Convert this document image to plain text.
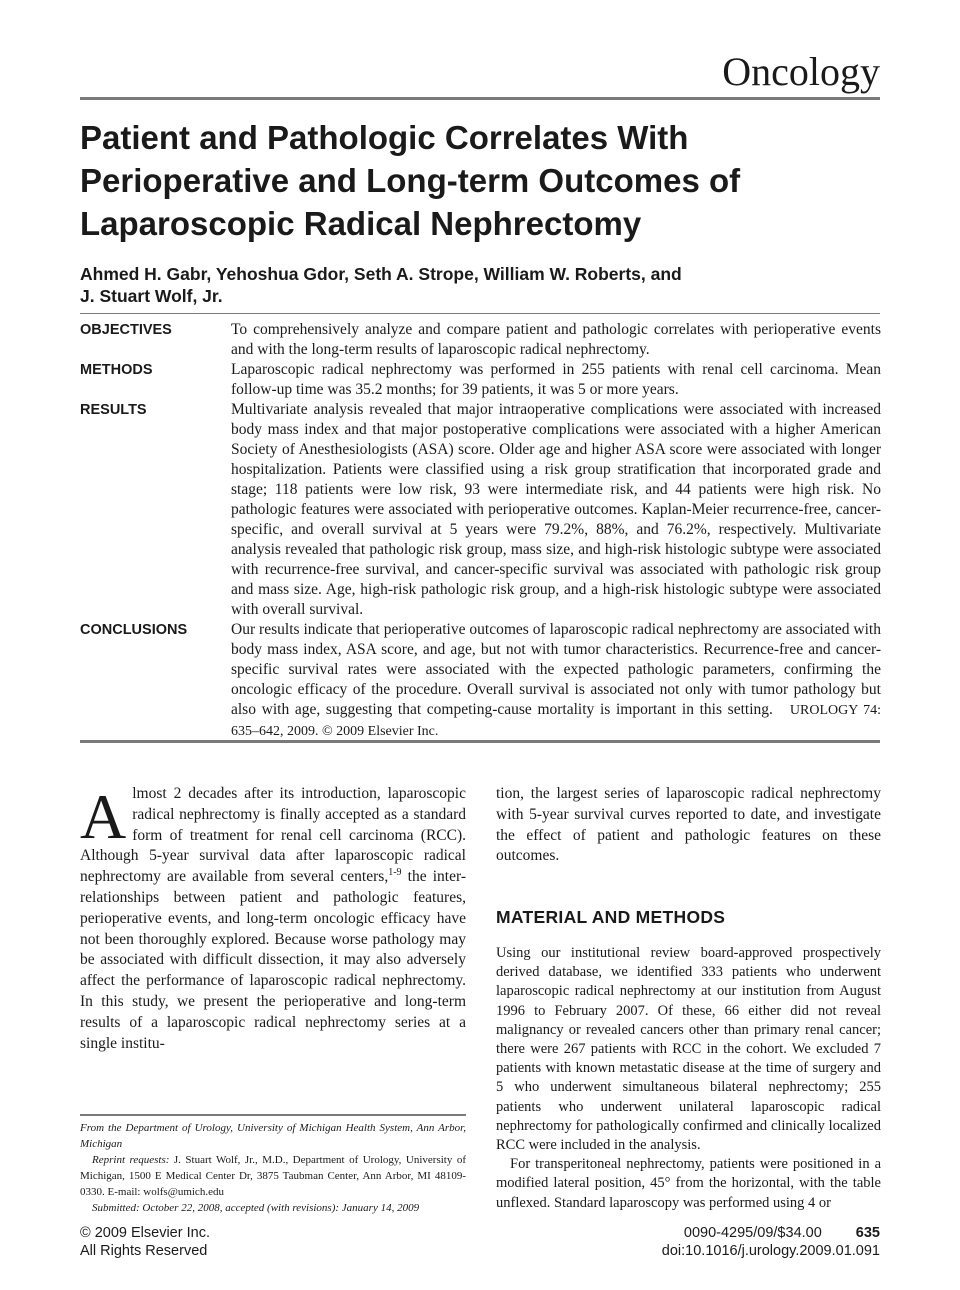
Oncology
Patient and Pathologic Correlates With Perioperative and Long-term Outcomes of Laparoscopic Radical Nephrectomy
Ahmed H. Gabr, Yehoshua Gdor, Seth A. Strope, William W. Roberts, and
J. Stuart Wolf, Jr.
OBJECTIVES	To comprehensively analyze and compare patient and pathologic correlates with perioperative events and with the long-term results of laparoscopic radical nephrectomy.
METHODS	Laparoscopic radical nephrectomy was performed in 255 patients with renal cell carcinoma. Mean follow-up time was 35.2 months; for 39 patients, it was 5 or more years.
RESULTS	Multivariate analysis revealed that major intraoperative complications were associated with increased body mass index and that major postoperative complications were associated with a higher American Society of Anesthesiologists (ASA) score. Older age and higher ASA score were associated with longer hospitalization. Patients were classified using a risk group stratification that incorporated grade and stage; 118 patients were low risk, 93 were intermediate risk, and 44 patients were high risk. No pathologic features were associated with perioperative outcomes. Kaplan-Meier recurrence-free, cancer-specific, and overall survival at 5 years were 79.2%, 88%, and 76.2%, respectively. Multivariate analysis revealed that pathologic risk group, mass size, and high-risk histologic subtype were associated with recurrence-free survival, and cancer-specific survival was associated with pathologic risk group and mass size. Age, high-risk pathologic risk group, and a high-risk histologic subtype were associated with overall survival.
CONCLUSIONS	Our results indicate that perioperative outcomes of laparoscopic radical nephrectomy are associated with body mass index, ASA score, and age, but not with tumor characteristics. Recurrence-free and cancer-specific survival rates were associated with the expected pathologic parameters, confirming the oncologic efficacy of the procedure. Overall survival is associated not only with tumor pathology but also with age, suggesting that competing-cause mortality is important in this setting. UROLOGY 74: 635–642, 2009. © 2009 Elsevier Inc.
Almost 2 decades after its introduction, laparoscopic radical nephrectomy is finally accepted as a standard form of treatment for renal cell carcinoma (RCC). Although 5-year survival data after laparoscopic radical nephrectomy are available from several centers,$^{1-9}$ the inter-relationships between patient and pathologic features, perioperative events, and long-term oncologic efficacy have not been thoroughly explored. Because worse pathology may be associated with difficult dissection, it may also adversely affect the performance of laparoscopic radical nephrectomy. In this study, we present the perioperative and long-term results of a laparoscopic radical nephrectomy series at a single institu-
tion, the largest series of laparoscopic radical nephrectomy with 5-year survival curves reported to date, and investigate the effect of patient and pathologic features on these outcomes.
MATERIAL AND METHODS

Using our institutional review board-approved prospectively derived database, we identified 333 patients who underwent laparoscopic radical nephrectomy at our institution from August 1996 to February 2007. Of these, 66 either did not reveal malignancy or revealed cancers other than primary renal cancer; there were 267 patients with RCC in the cohort. We excluded 7 patients with known metastatic disease at the time of surgery and 5 who underwent simultaneous bilateral nephrectomy; 255 patients who underwent unilateral laparoscopic radical nephrectomy for pathologically confirmed and clinically localized RCC were included in the analysis.

For transperitoneal nephrectomy, patients were positioned in a modified lateral position, 45° from the horizontal, with the table unflexed. Standard laparoscopy was performed using 4 or

From the Department of Urology, University of Michigan Health System, Ann Arbor, Michigan

Reprint requests: J. Stuart Wolf, Jr., M.D., Department of Urology, University of Michigan, 1500 E Medical Center Dr, 3875 Taubman Center, Ann Arbor, MI 48109-0330. E-mail: wolfs@umich.edu

Submitted: October 22, 2008, accepted (with revisions): January 14, 2009

© 2009 Elsevier Inc.
All Rights Reserved
0090-4295/09/$34.00 635
doi:10.1016/j.urology.2009.01.091
